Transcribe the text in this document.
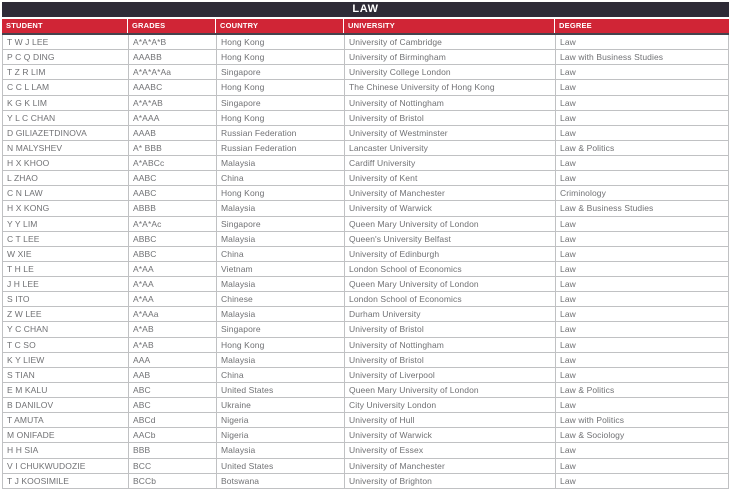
LAW
STUDENT	GRADES	COUNTRY	UNIVERSITY	DEGREE
T W J LEE	A*A*A*B	Hong Kong	University of Cambridge	Law
P C Q DING	AAABB	Hong Kong	University of Birmingham	Law with Business Studies
T Z R LIM	A*A*A*Aa	Singapore	University College London	Law
C C L LAM	AAABC	Hong Kong	The Chinese University of Hong Kong	Law
K G K LIM	A*A*AB	Singapore	University of Nottingham	Law
Y L C CHAN	A*AAA	Hong Kong	University of Bristol	Law
D GILIAZETDINOVA	AAAB	Russian Federation	University of Westminster	Law
N MALYSHEV	A* BBB	Russian Federation	Lancaster University	Law & Politics
H X KHOO	A*ABCc	Malaysia	Cardiff University	Law
L ZHAO	AABC	China	University of Kent	Law
C N LAW	AABC	Hong Kong	University of Manchester	Criminology
H X KONG	ABBB	Malaysia	University of Warwick	Law & Business Studies
Y Y LIM	A*A*Ac	Singapore	Queen Mary University of London	Law
C T LEE	ABBC	Malaysia	Queen's University Belfast	Law
W XIE	ABBC	China	University of Edinburgh	Law
T H LE	A*AA	Vietnam	London School of Economics	Law
J H LEE	A*AA	Malaysia	Queen Mary University of London	Law
S ITO	A*AA	Chinese	London School of Economics	Law
Z W LEE	A*AAa	Malaysia	Durham University	Law
Y C CHAN	A*AB	Singapore	University of Bristol	Law
T C SO	A*AB	Hong Kong	University of Nottingham	Law
K Y LIEW	AAA	Malaysia	University of Bristol	Law
S TIAN	AAB	China	University of Liverpool	Law
E M KALU	ABC	United States	Queen Mary University of London	Law & Politics
B DANILOV	ABC	Ukraine	City University London	Law
T AMUTA	ABCd	Nigeria	University of Hull	Law with Politics
M ONIFADE	AACb	Nigeria	University of Warwick	Law & Sociology
H H SIA	BBB	Malaysia	University of Essex	Law
V I CHUKWUDOZIE	BCC	United States	University of Manchester	Law
T J KOOSIMILE	BCCb	Botswana	University of Brighton	Law
